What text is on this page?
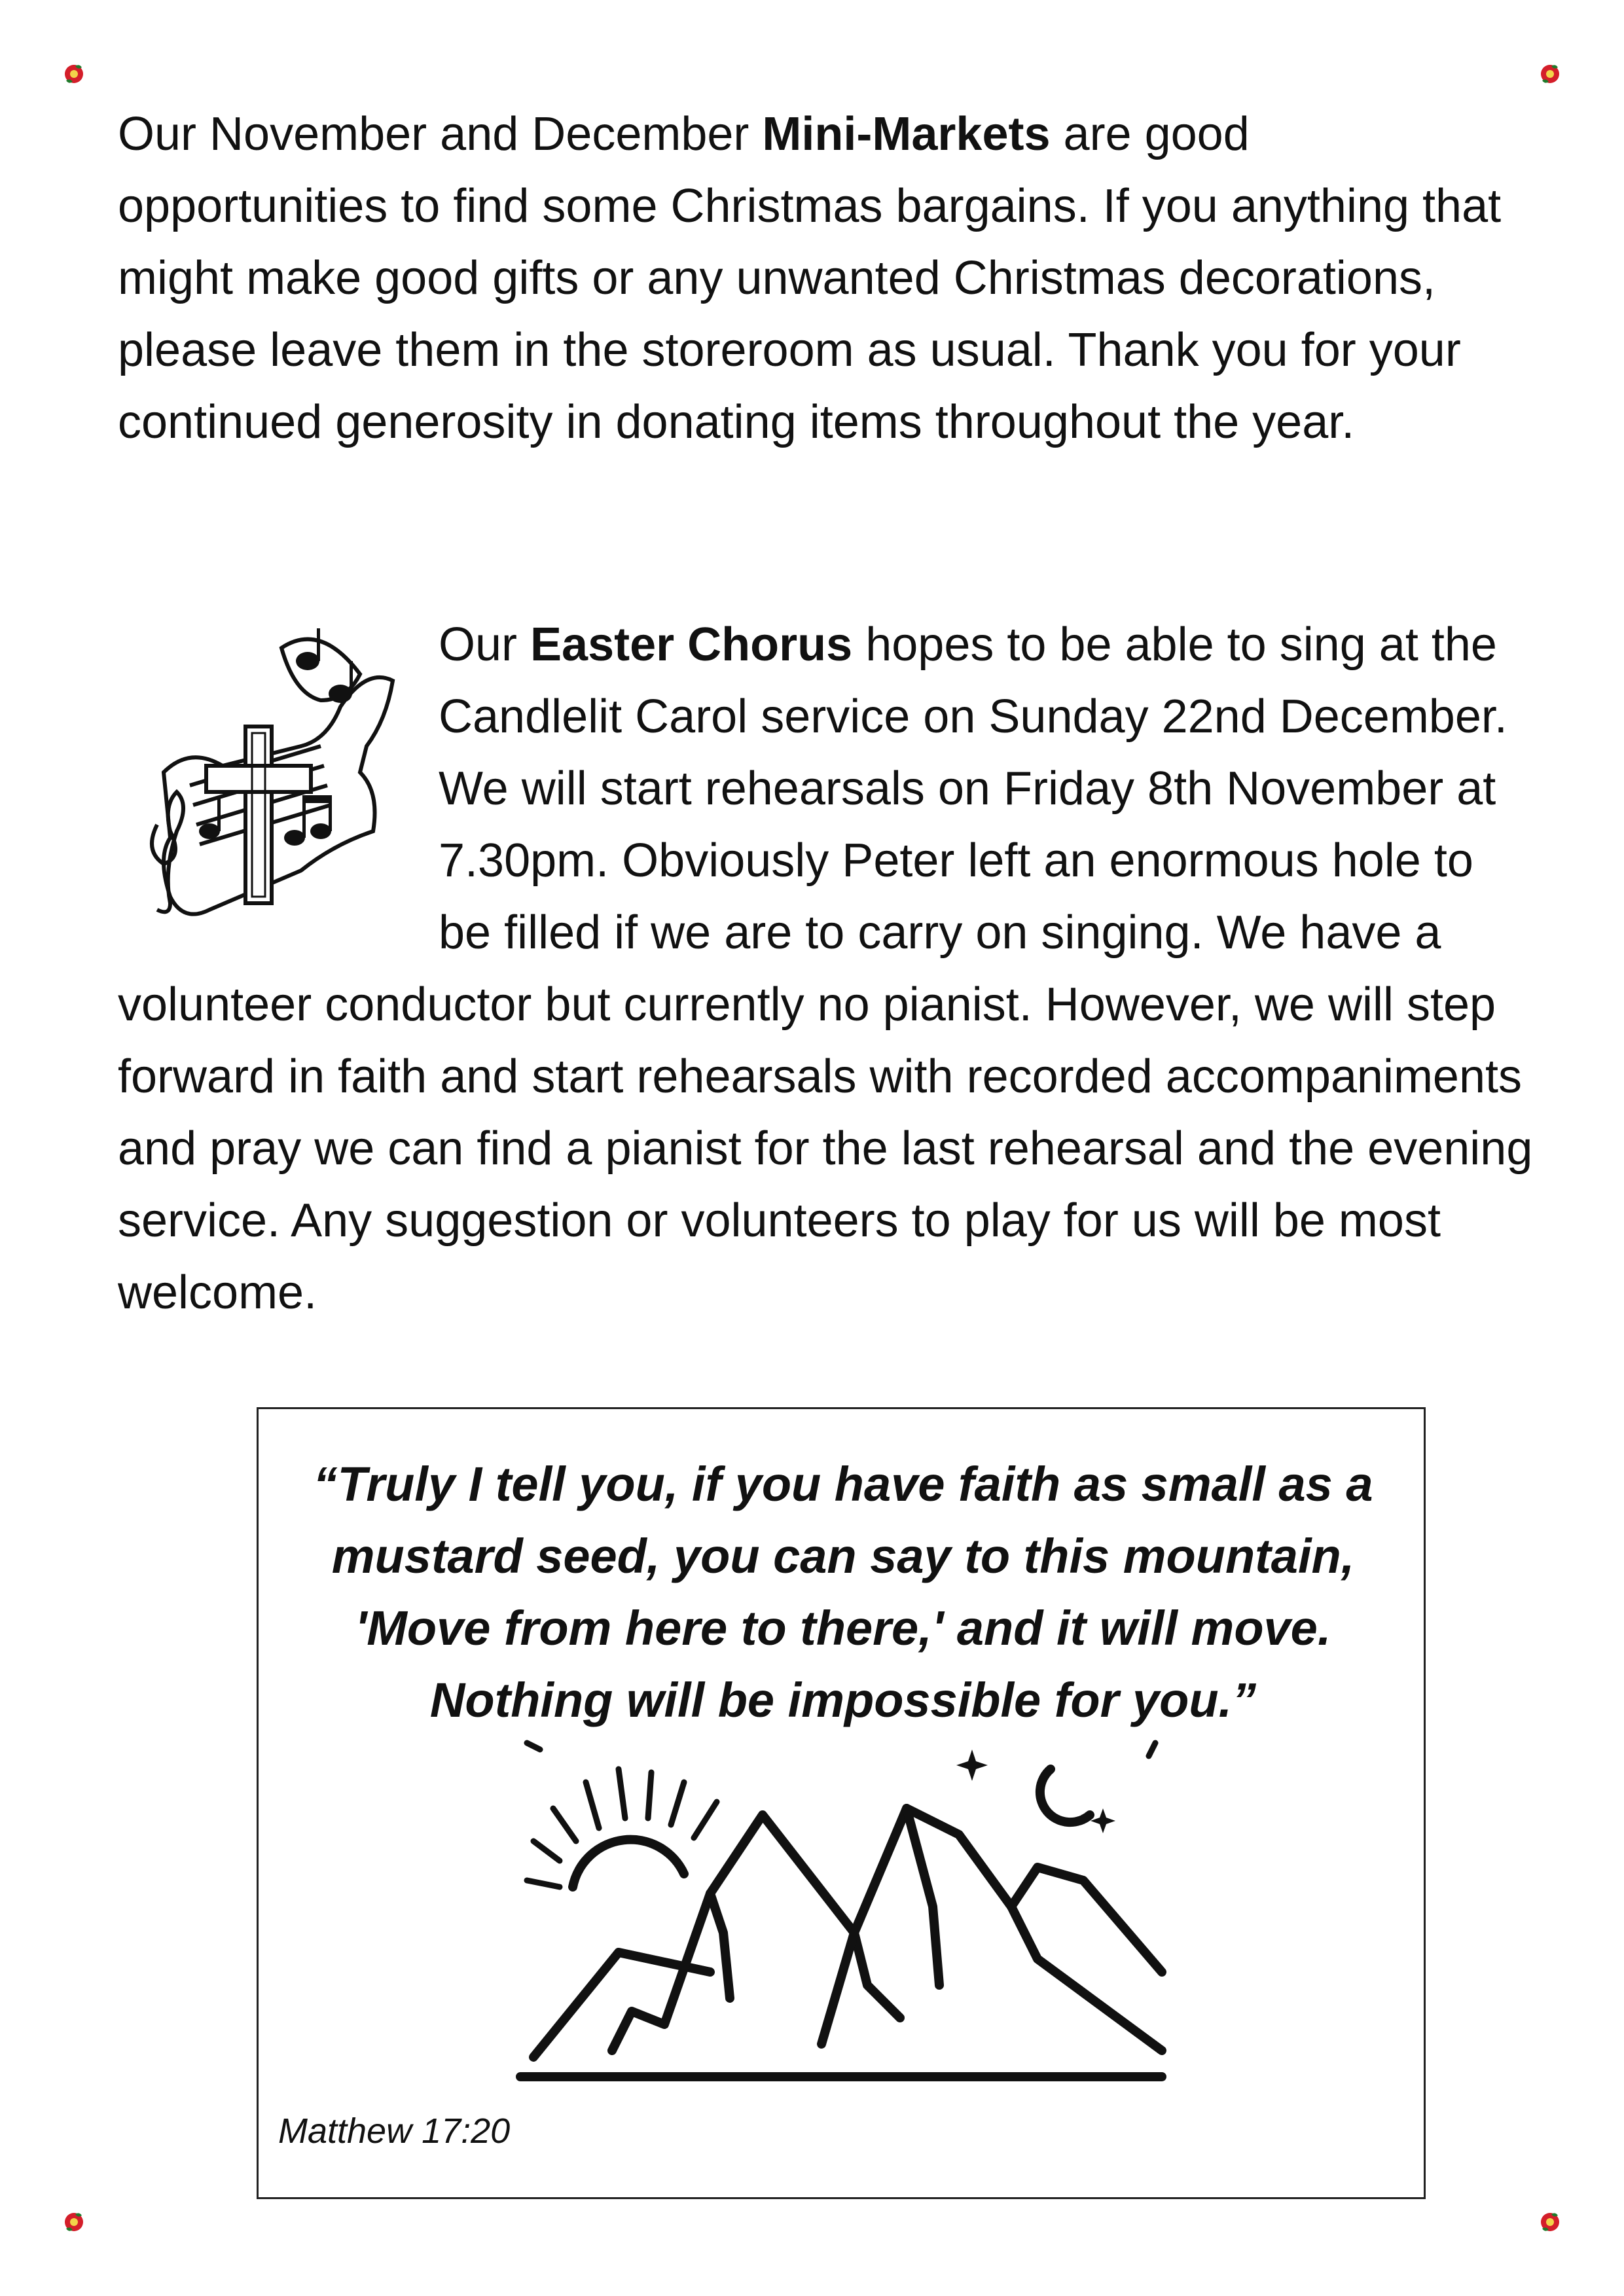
Our November and December Mini-Markets are good opportunities to find some Christmas bargains. If you anything that might make good gifts or any unwanted Christmas decorations, please leave them in the storeroom as usual. Thank you for your continued generosity in donating items throughout the year.

Our Easter Chorus hopes to be able to sing at the Candlelit Carol service on Sunday 22nd December. We will start rehearsals on Friday 8th November at 7.30pm. Obviously Peter left an enormous hole to be filled if we are to carry on singing. We have a volunteer conductor but currently no pianist. However, we will step forward in faith and start rehearsals with recorded accompaniments and pray we can find a pianist for the last rehearsal and the evening service. Any suggestion or volunteers to play for us will be most welcome.

“Truly I tell you, if you have faith as small as a mustard seed, you can say to this mountain, 'Move from here to there,' and it will move. Nothing will be impossible for you.”

Matthew 17:20
